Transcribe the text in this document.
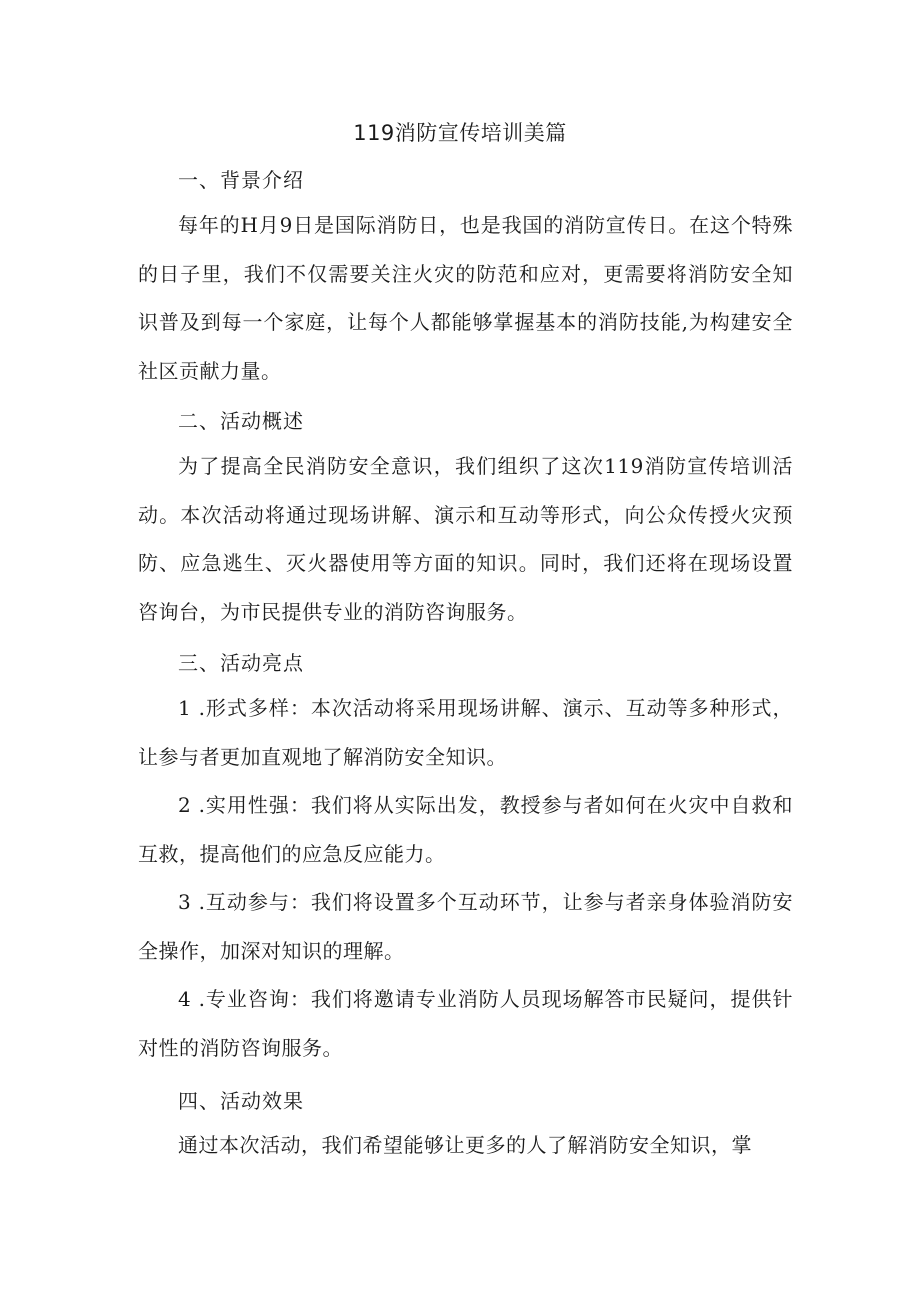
119消防宣传培训美篇
一、背景介绍

每年的H月9日是国际消防日，也是我国的消防宣传日。在这个特殊的日子里，我们不仅需要关注火灾的防范和应对，更需要将消防安全知识普及到每一个家庭，让每个人都能够掌握基本的消防技能,为构建安全社区贡献力量。

二、活动概述

为了提高全民消防安全意识，我们组织了这次119消防宣传培训活动。本次活动将通过现场讲解、演示和互动等形式，向公众传授火灾预防、应急逃生、灭火器使用等方面的知识。同时，我们还将在现场设置咨询台，为市民提供专业的消防咨询服务。

三、活动亮点

1 .形式多样：本次活动将采用现场讲解、演示、互动等多种形式，让参与者更加直观地了解消防安全知识。

2 .实用性强：我们将从实际出发，教授参与者如何在火灾中自救和互救，提高他们的应急反应能力。

3 .互动参与：我们将设置多个互动环节，让参与者亲身体验消防安全操作，加深对知识的理解。

4 .专业咨询：我们将邀请专业消防人员现场解答市民疑问，提供针对性的消防咨询服务。

四、活动效果

通过本次活动，我们希望能够让更多的人了解消防安全知识，掌
